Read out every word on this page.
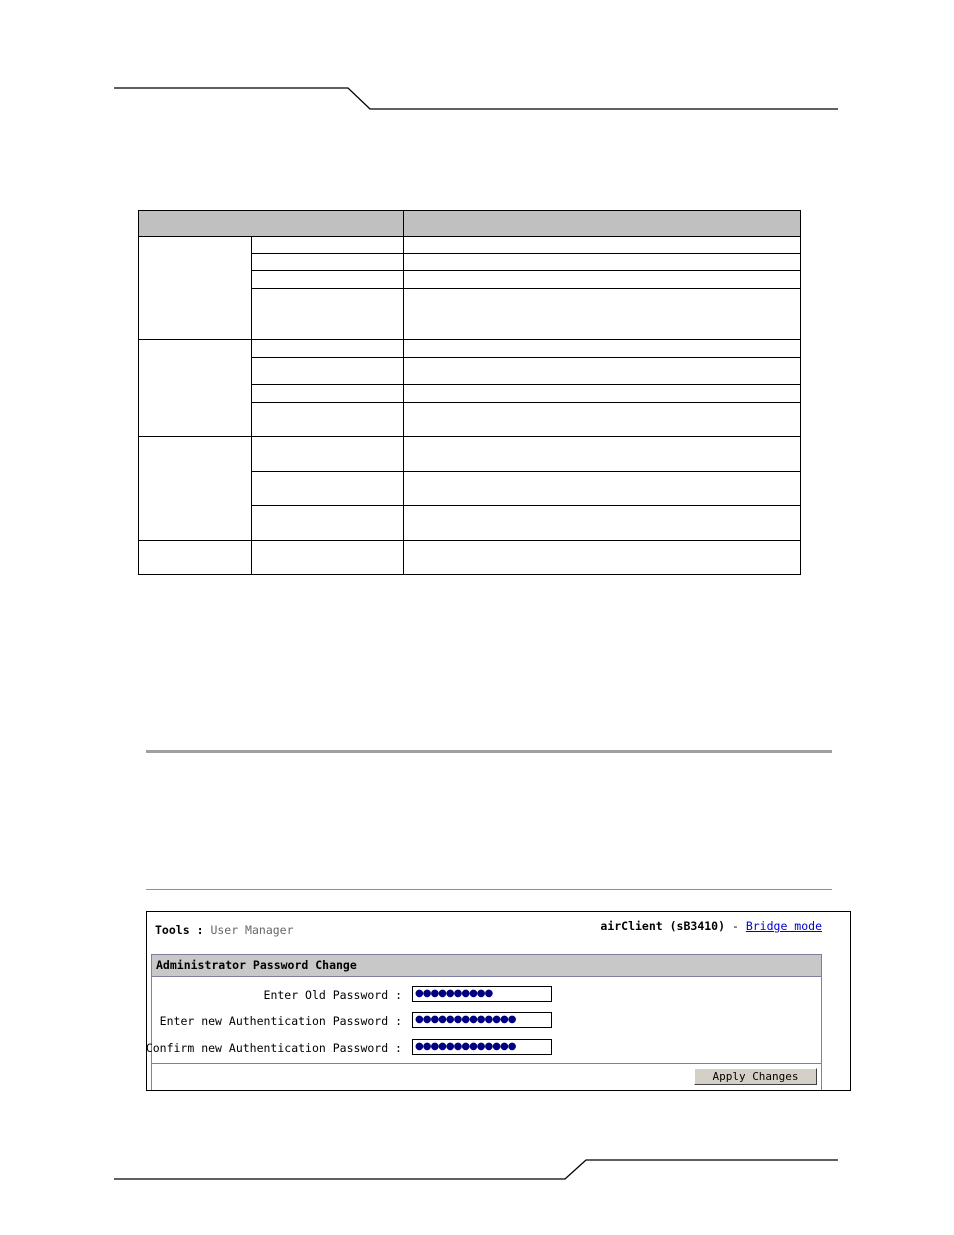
Tools : User Manager	airClient (sB3410) - Bridge mode
Administrator Password Change
Enter Old Password :	●●●●●●●●●●
Enter new Authentication Password :	●●●●●●●●●●●●●
Confirm new Authentication Password :	●●●●●●●●●●●●●
Apply Changes
